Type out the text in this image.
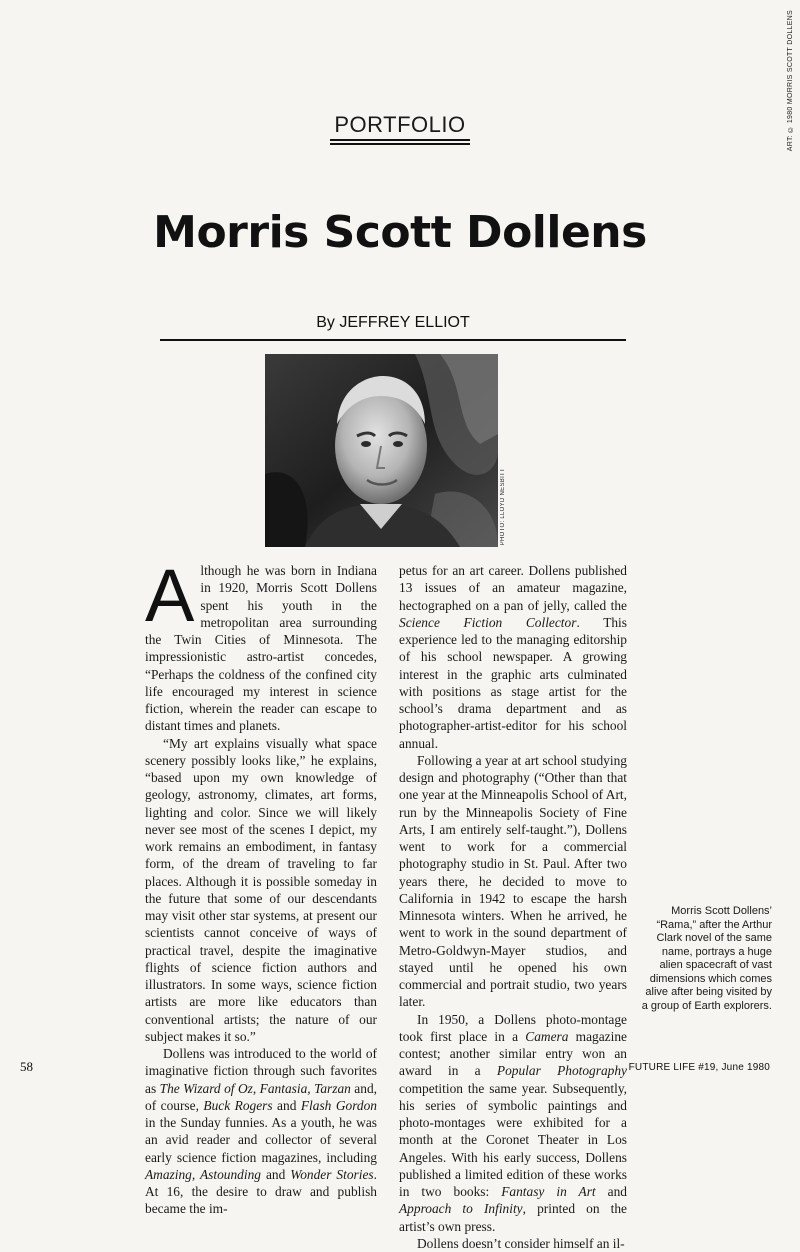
ART: © 1980 MORRIS SCOTT DOLLENS
PORTFOLIO
Morris Scott Dollens
By JEFFREY ELLIOT
PHOTO: LLOYD NESBITT

Although he was born in Indiana in 1920, Morris Scott Dollens spent his youth in the metropolitan area surrounding the Twin Cities of Minnesota. The impressionistic astro-artist concedes, “Perhaps the coldness of the confined city life encouraged my interest in science fiction, wherein the reader can escape to distant times and planets.

“My art explains visually what space scenery possibly looks like,” he explains, “based upon my own knowledge of geology, astronomy, climates, art forms, lighting and color. Since we will likely never see most of the scenes I depict, my work remains an embodiment, in fantasy form, of the dream of traveling to far places. Although it is possible someday in the future that some of our descendants may visit other star systems, at present our scientists cannot conceive of ways of practical travel, despite the imaginative flights of science fiction authors and illustrators. In some ways, science fiction artists are more like educators than conventional artists; the nature of our subject makes it so.”

Dollens was introduced to the world of imaginative fiction through such favorites as The Wizard of Oz, Fantasia, Tarzan and, of course, Buck Rogers and Flash Gordon in the Sunday funnies. As a youth, he was an avid reader and collector of several early science fiction magazines, including Amazing, Astounding and Wonder Stories. At 16, the desire to draw and publish became the im-

petus for an art career. Dollens published 13 issues of an amateur magazine, hectographed on a pan of jelly, called the Science Fiction Collector. This experience led to the managing editorship of his school newspaper. A growing interest in the graphic arts culminated with positions as stage artist for the school’s drama department and as photographer-artist-editor for his school annual.

Following a year at art school studying design and photography (“Other than that one year at the Minneapolis School of Art, run by the Minneapolis Society of Fine Arts, I am entirely self-taught.”), Dollens went to work for a commercial photography studio in St. Paul. After two years there, he decided to move to California in 1942 to escape the harsh Minnesota winters. When he arrived, he went to work in the sound department of Metro-Goldwyn-Mayer studios, and stayed until he opened his own commercial and portrait studio, two years later.

In 1950, a Dollens photo-montage took first place in a Camera magazine contest; another similar entry won an award in a Popular Photography competition the same year. Subsequently, his series of symbolic paintings and photo-montages were exhibited for a month at the Coronet Theater in Los Angeles. With his early success, Dollens published a limited edition of these works in two books: Fantasy in Art and Approach to Infinity, printed on the artist’s own press.

Dollens doesn’t consider himself an il-

Morris Scott Dollens’ “Rama,” after the Arthur Clark novel of the same name, portrays a huge alien spacecraft of vast dimensions which comes alive after being visited by a group of Earth explorers.
58	FUTURE LIFE #19, June 1980
